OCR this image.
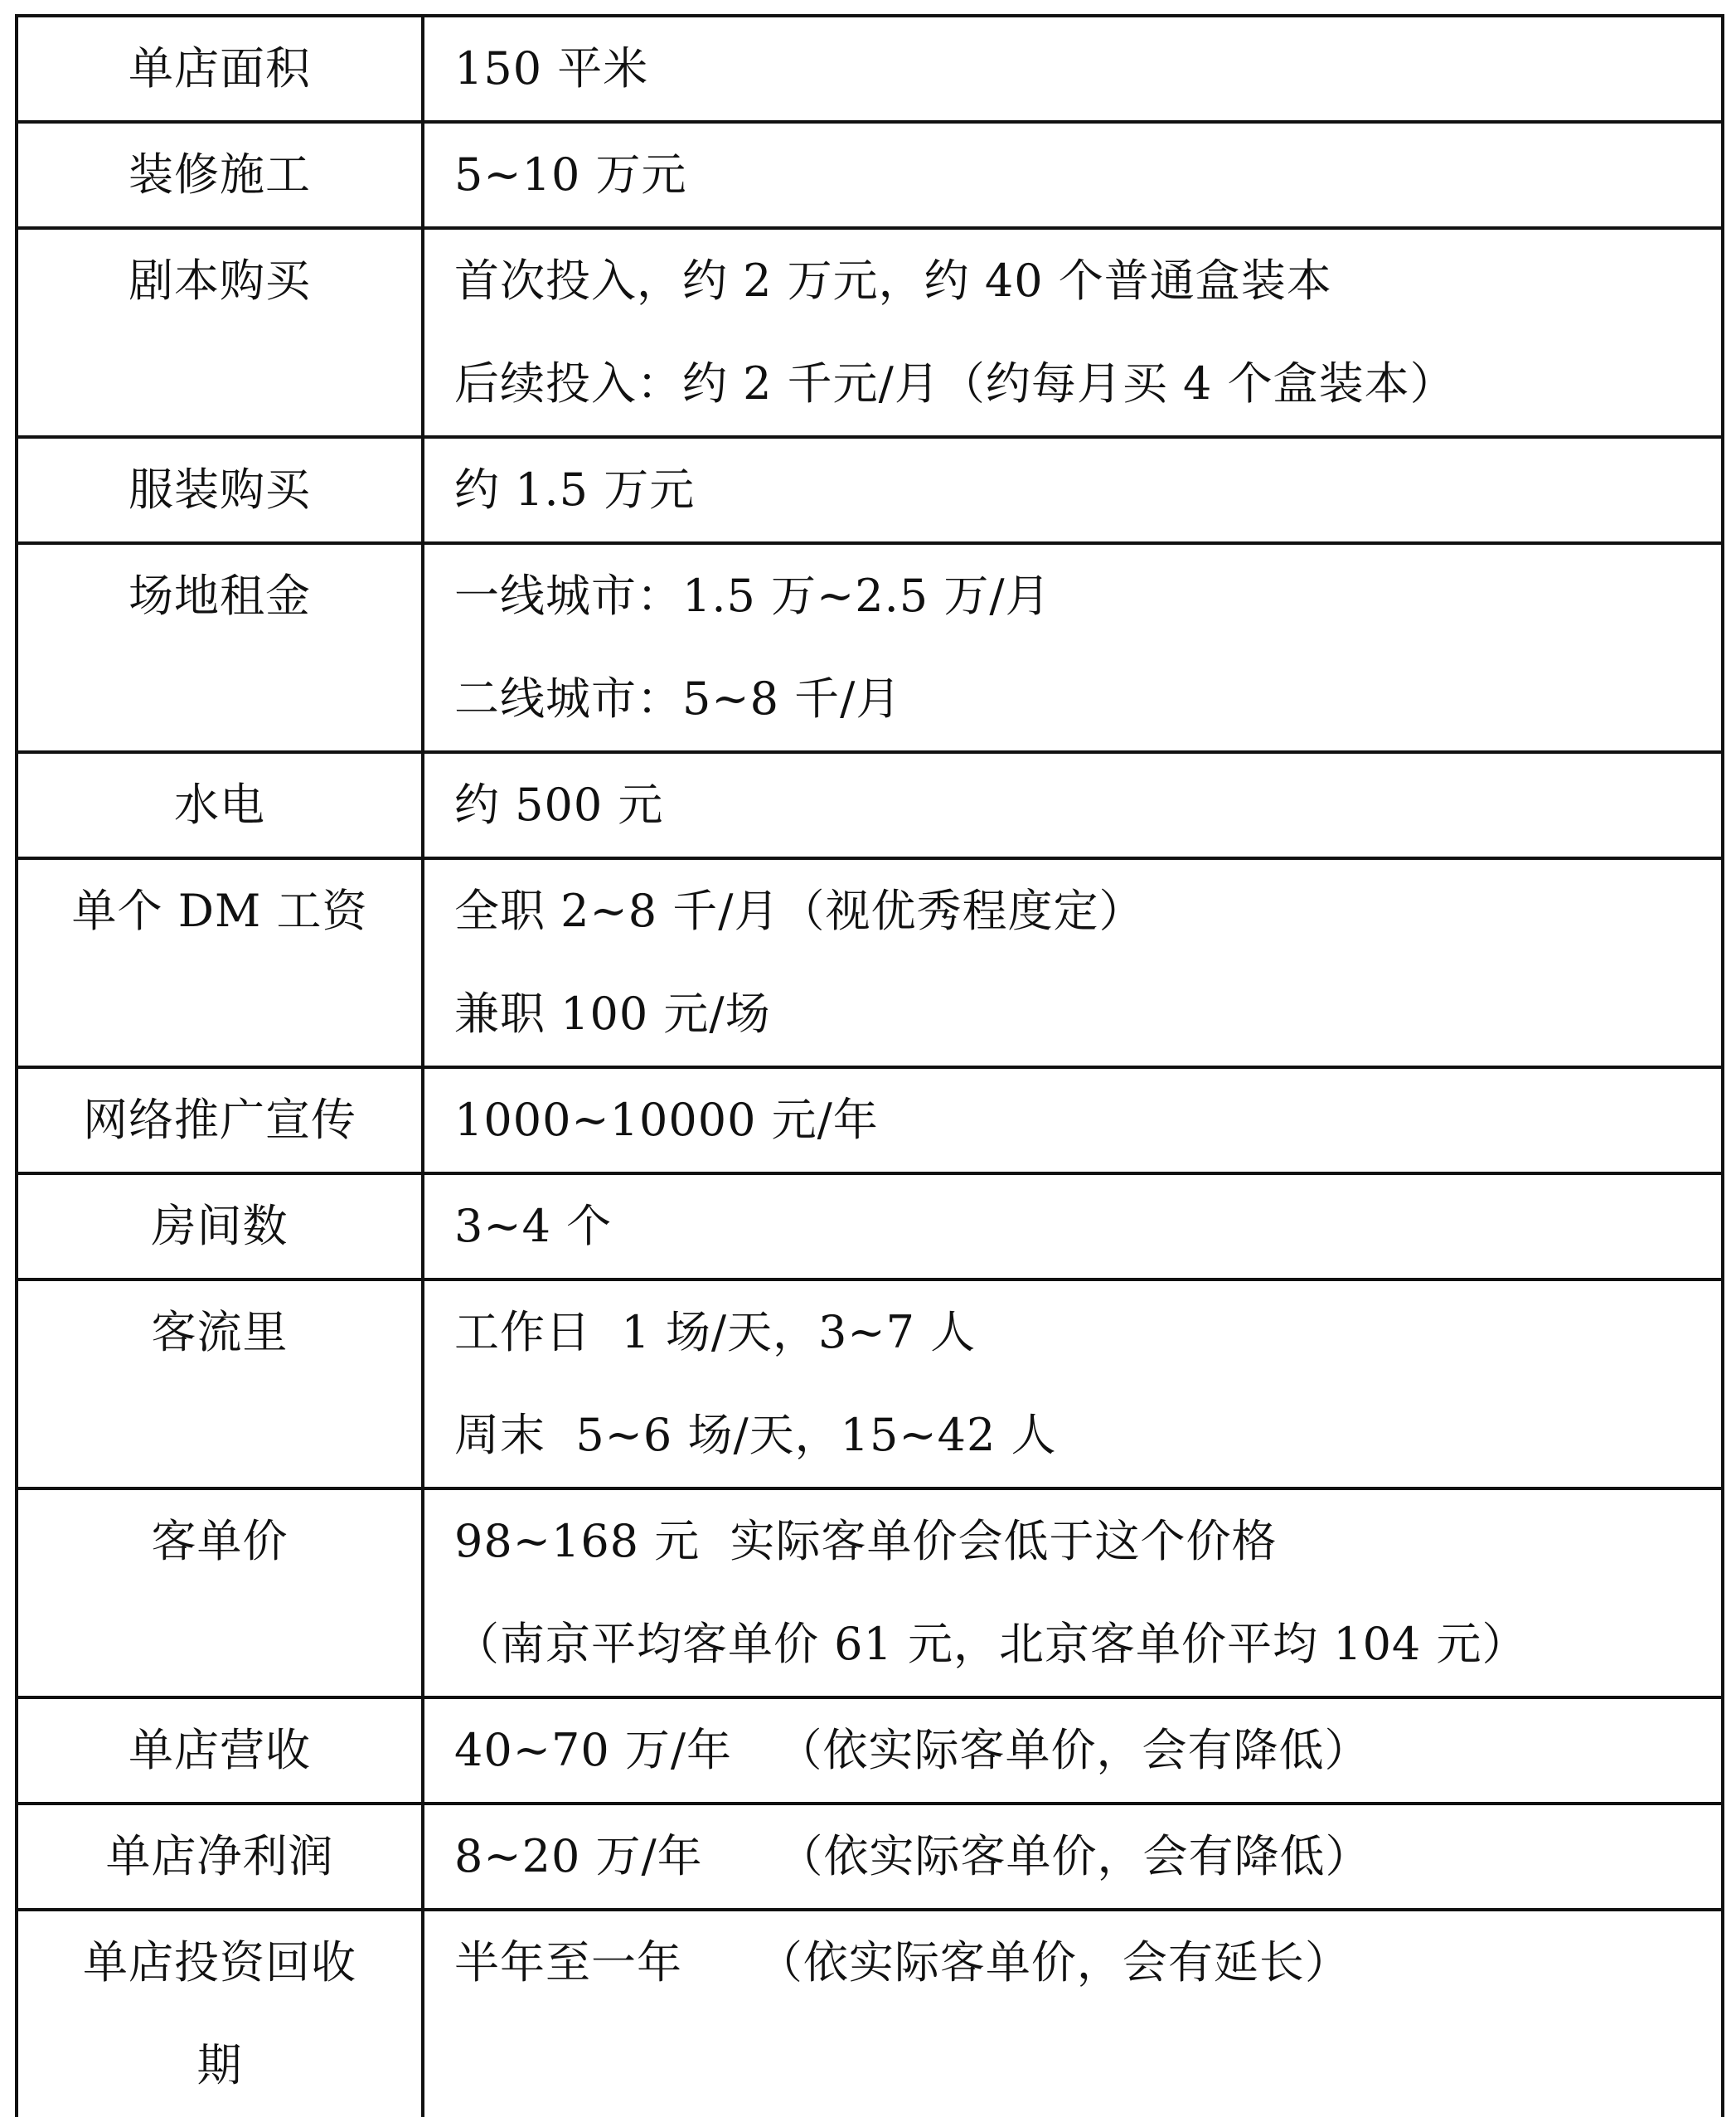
单店面积	150 平米

装修施工	5~10 万元

剧本购买	首次投入，约 2 万元，约 40 个普通盒装本
后续投入：约 2 千元/月（约每月买 4 个盒装本）

服装购买	约 1.5 万元

场地租金	一线城市：1.5 万~2.5 万/月
二线城市：5~8 千/月

水电	约 500 元

单个 DM 工资	全职 2~8 千/月（视优秀程度定）
兼职 100 元/场

网络推广宣传	1000~10000 元/年

房间数	3~4 个

客流里	工作日  1 场/天，3~7 人
周末  5~6 场/天，15~42 人

客单价	98~168 元  实际客单价会低于这个价格
（南京平均客单价 61 元，北京客单价平均 104 元）

单店营收	40~70 万/年   （依实际客单价，会有降低）

单店净利润	8~20 万/年     （依实际客单价，会有降低）

单店投资回收
期	半年至一年     （依实际客单价，会有延长）
